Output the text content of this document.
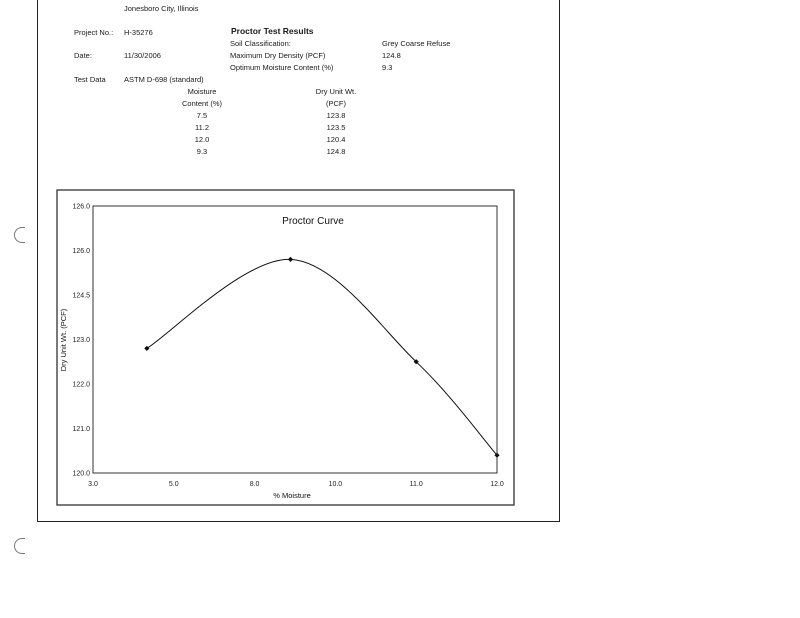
Jonesboro City, Illinois
Project No.: H-35276
Date:	11/30/2006
Test Data ASTM D-698 (standard)
Proctor Test Results
Soil Classification:	Grey Coarse Refuse
Maximum Dry Density (PCF)	124.8
Optimum Moisture Content (%)	9.3
Moisture
Content (%)
Dry Unit Wt.
(PCF)
7.5	123.8
11.2	123.5
12.0	120.4
9.3	124.8
Proctor Curve
% Moisture
Dry Unit Wt. (PCF)
3.0	5.0	8.0	10.0	11.0	12.0
120.0
121.0
122.0
123.0
124.5
126.0
126.0
